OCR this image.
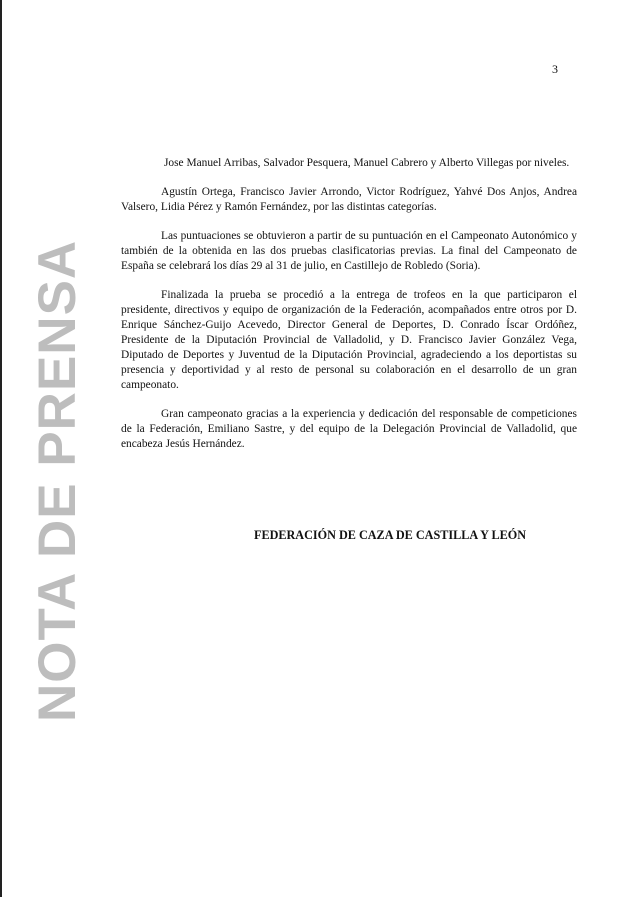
3
NOTA DE PRENSA

Jose Manuel Arribas, Salvador Pesquera, Manuel Cabrero y Alberto Villegas por niveles.

Agustín Ortega, Francisco Javier Arrondo, Victor Rodríguez, Yahvé Dos Anjos, Andrea Valsero, Lidia Pérez y Ramón Fernández, por las distintas categorías.

Las puntuaciones se obtuvieron a partir de su puntuación en el Campeonato Autonómico y también de la obtenida en las dos pruebas clasificatorias previas. La final del Campeonato de España se celebrará los días 29 al 31 de julio, en Castillejo de Robledo (Soria).

Finalizada la prueba se procedió a la entrega de trofeos en la que participaron el presidente, directivos y equipo de organización de la Federación, acompañados entre otros por D. Enrique Sánchez-Guijo Acevedo, Director General de Deportes, D. Conrado Íscar Ordóñez, Presidente de la Diputación Provincial de Valladolid, y D. Francisco Javier González Vega, Diputado de Deportes y Juventud de la Diputación Provincial, agradeciendo a los deportistas su presencia y deportividad y al resto de personal su colaboración en el desarrollo de un gran campeonato.

Gran campeonato gracias a la experiencia y dedicación del responsable de competiciones de la Federación, Emiliano Sastre, y del equipo de la Delegación Provincial de Valladolid, que encabeza Jesús Hernández.

FEDERACIÓN DE CAZA DE CASTILLA Y LEÓN
